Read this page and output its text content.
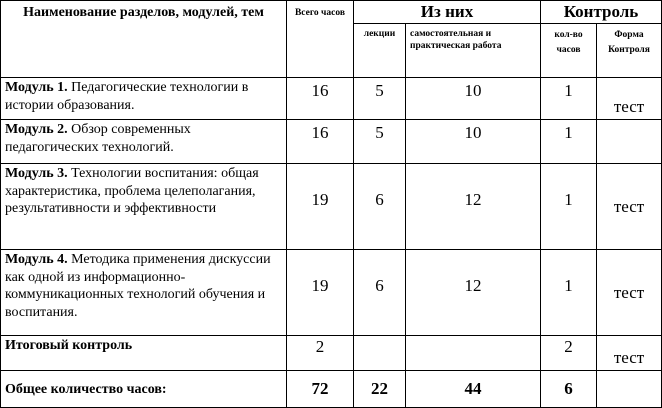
Наименование разделов, модулей, тем	Всего часов	Из них		Контроль	
		лекции	самостоятельная и практическая работа	кол-во часов	Форма Контроля
Модуль 1. Педагогические технологии в истории образования.	16	5	10	1	тест
Модуль 2. Обзор современных педагогических технологий.	16	5	10	1	
Модуль 3. Технологии воспитания: общая характеристика, проблема целеполагания, результативности и эффективности	19	6	12	1	тест
Модуль 4. Методика применения дискуссии как одной из информационно-коммуникационных технологий обучения и воспитания.	19	6	12	1	тест
Итоговый контроль	2			2	тест
Общее количество часов:	72	22	44	6	
